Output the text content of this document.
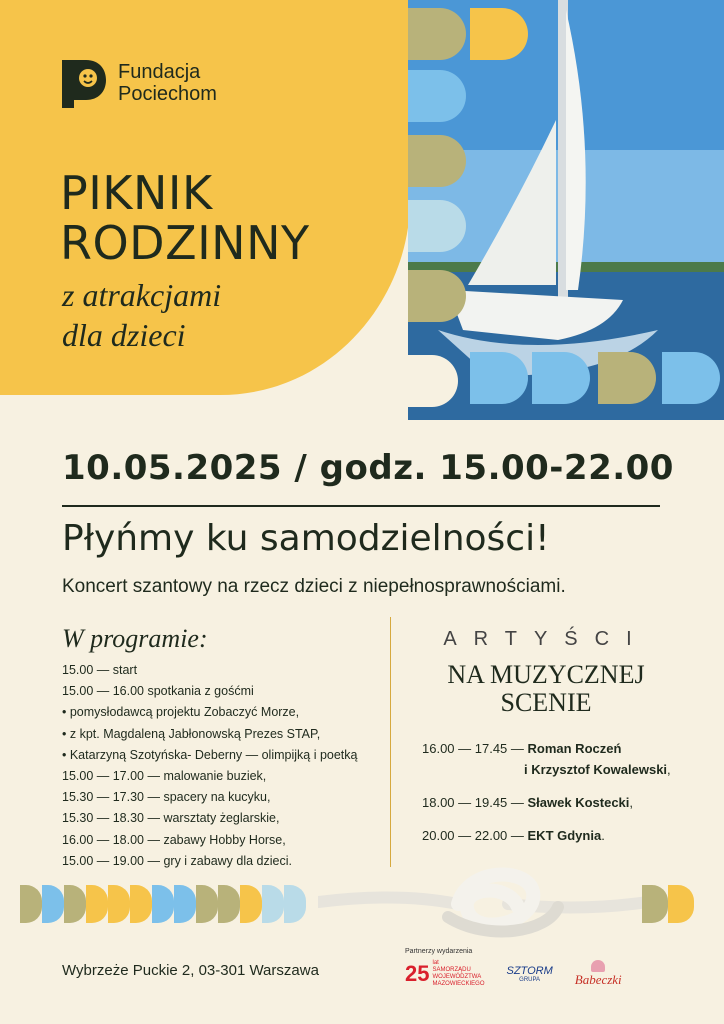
Fundacja
Pociechom
PIKNIK
RODZINNY
z atrakcjami
dla dzieci
10.05.2025 / godz. 15.00-22.00
Płyńmy ku samodzielności!
Koncert szantowy na rzecz dzieci z niepełnosprawnościami.
W programie:
15.00 — start
15.00 — 16.00 spotkania z gośćmi
• pomysłodawcą projektu Zobaczyć Morze,
• z kpt. Magdaleną Jabłonowską Prezes STAP,
• Katarzyną Szotyńska- Deberny — olimpijką i poetką
15.00 — 17.00 — malowanie buziek,
15.30 — 17.30 — spacery na kucyku,
15.30 — 18.30 — warsztaty żeglarskie,
16.00 — 18.00 — zabawy Hobby Horse,
15.00 — 19.00 — gry i zabawy dla dzieci.
ARTYŚCI
NA MUZYCZNEJ
SCENIE
16.00 — 17.45 — Roman Roczeń
i Krzysztof Kowalewski,
18.00 — 19.45 — Sławek Kostecki,
20.00 — 22.00 — EKT Gdynia.
Wybrzeże Puckie 2, 03-301 Warszawa
Partnerzy wydarzenia
25 lat
SAMORZĄDU
WOJEWÓDZTWA
MAZOWIECKIEGO
SZTORM
GRUPA	Babeczki
